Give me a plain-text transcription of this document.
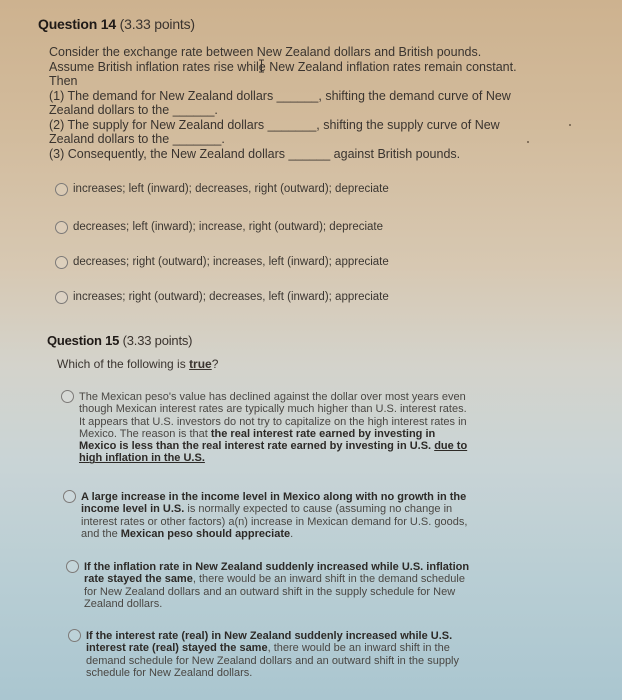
Question 14 (3.33 points)
Consider the exchange rate between New Zealand dollars and British pounds.
Assume British inflation rates rise while New Zealand inflation rates remain constant.
Then
(1) The demand for New Zealand dollars ______, shifting the demand curve of New
Zealand dollars to the ______.
(2) The supply for New Zealand dollars _______, shifting the supply curve of New
Zealand dollars to the _______.
(3) Consequently, the New Zealand dollars ______ against British pounds.
increases; left (inward); decreases, right (outward); depreciate
decreases; left (inward); increase, right (outward); depreciate
decreases; right (outward); increases, left (inward); appreciate
increases; right (outward); decreases, left (inward); appreciate
Question 15 (3.33 points)
Which of the following is true?
The Mexican peso's value has declined against the dollar over most years even though Mexican interest rates are typically much higher than U.S. interest rates. It appears that U.S. investors do not try to capitalize on the high interest rates in Mexico. The reason is that the real interest rate earned by investing in Mexico is less than the real interest rate earned by investing in U.S. due to high inflation in the U.S.
A large increase in the income level in Mexico along with no growth in the income level in U.S. is normally expected to cause (assuming no change in interest rates or other factors) a(n) increase in Mexican demand for U.S. goods, and the Mexican peso should appreciate.
If the inflation rate in New Zealand suddenly increased while U.S. inflation rate stayed the same, there would be an inward shift in the demand schedule for New Zealand dollars and an outward shift in the supply schedule for New Zealand dollars.
If the interest rate (real) in New Zealand suddenly increased while U.S. interest rate (real) stayed the same, there would be an inward shift in the demand schedule for New Zealand dollars and an outward shift in the supply schedule for New Zealand dollars.
